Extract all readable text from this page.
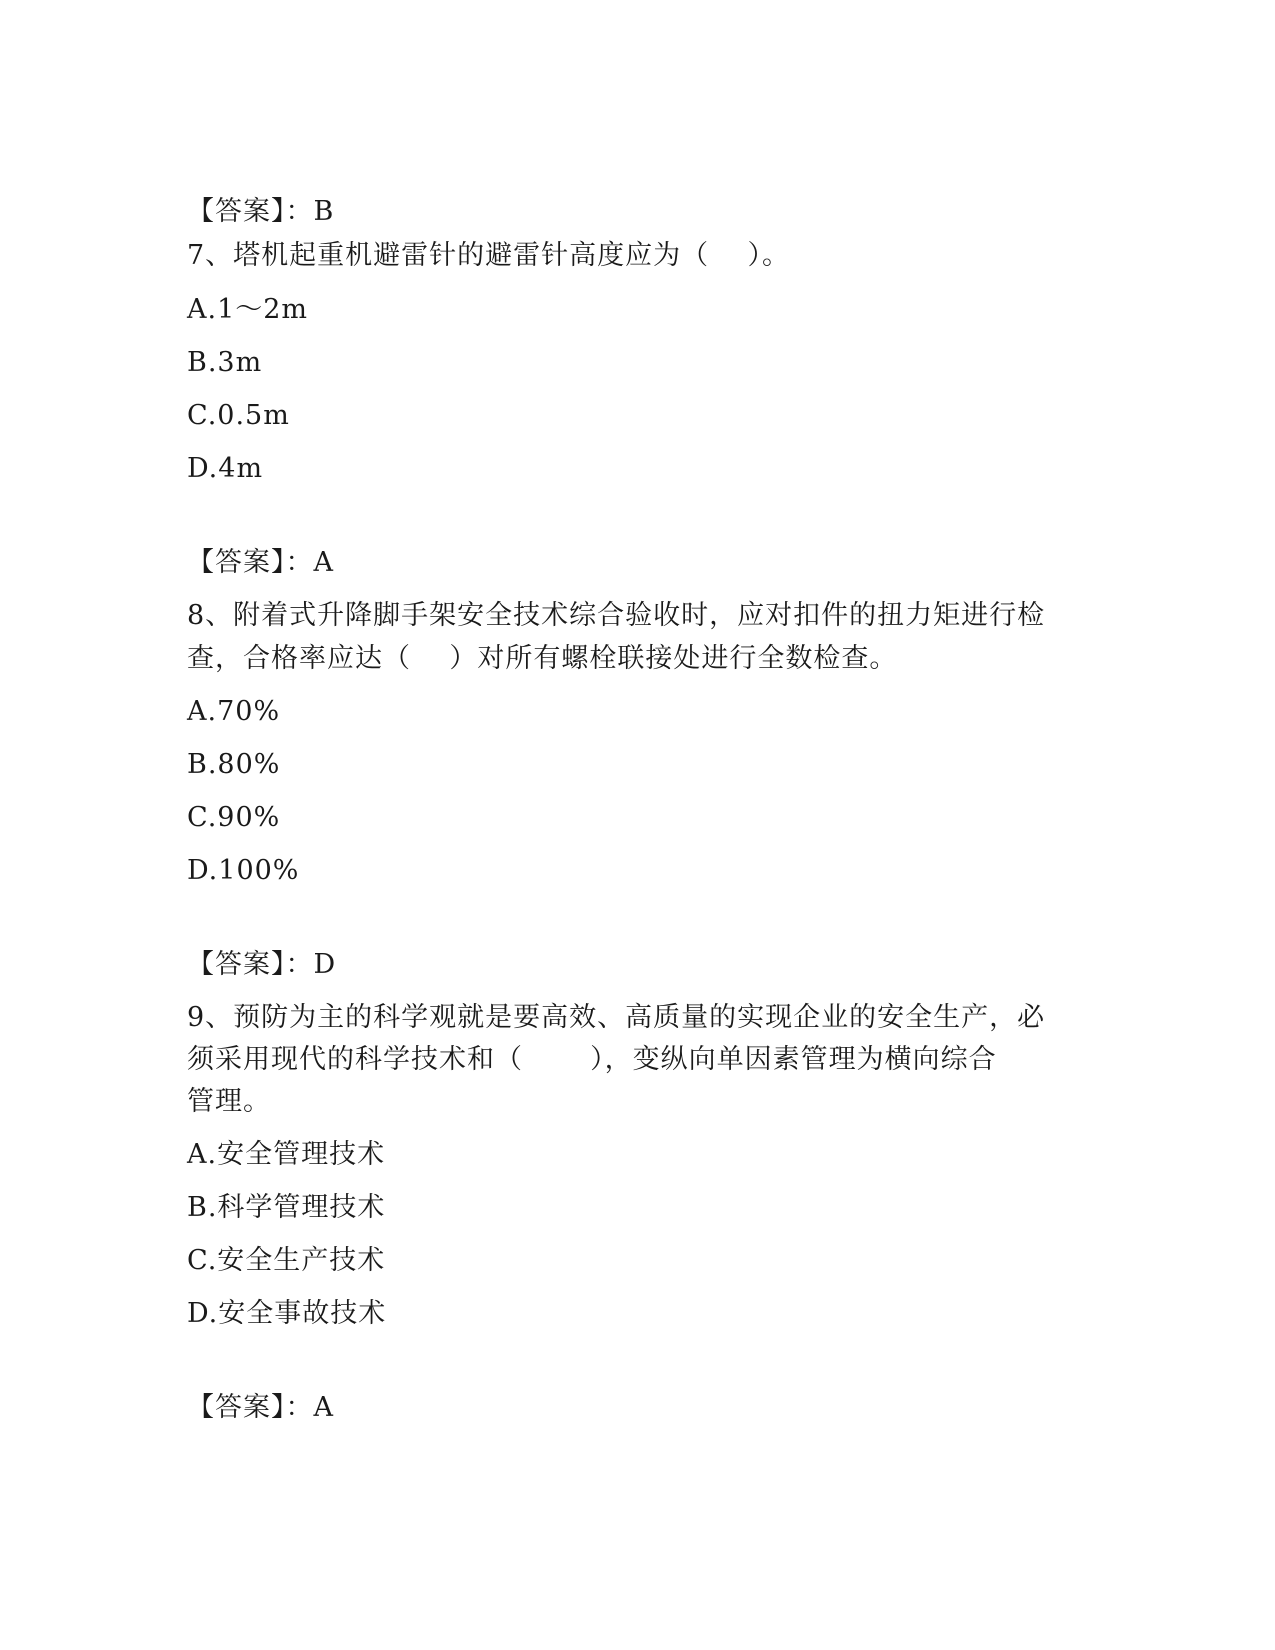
【答案】：B
7、塔机起重机避雷针的避雷针高度应为（    ）。
A.1～2m
B.3m
C.0.5m
D.4m
【答案】：A
8、附着式升降脚手架安全技术综合验收时，应对扣件的扭力矩进行检
查，合格率应达（    ）对所有螺栓联接处进行全数检查。
A.70%
B.80%
C.90%
D.100%
【答案】：D
9、预防为主的科学观就是要高效、高质量的实现企业的安全生产，必
须采用现代的科学技术和（       ），变纵向单因素管理为横向综合
管理。
A.安全管理技术
B.科学管理技术
C.安全生产技术
D.安全事故技术
【答案】：A
